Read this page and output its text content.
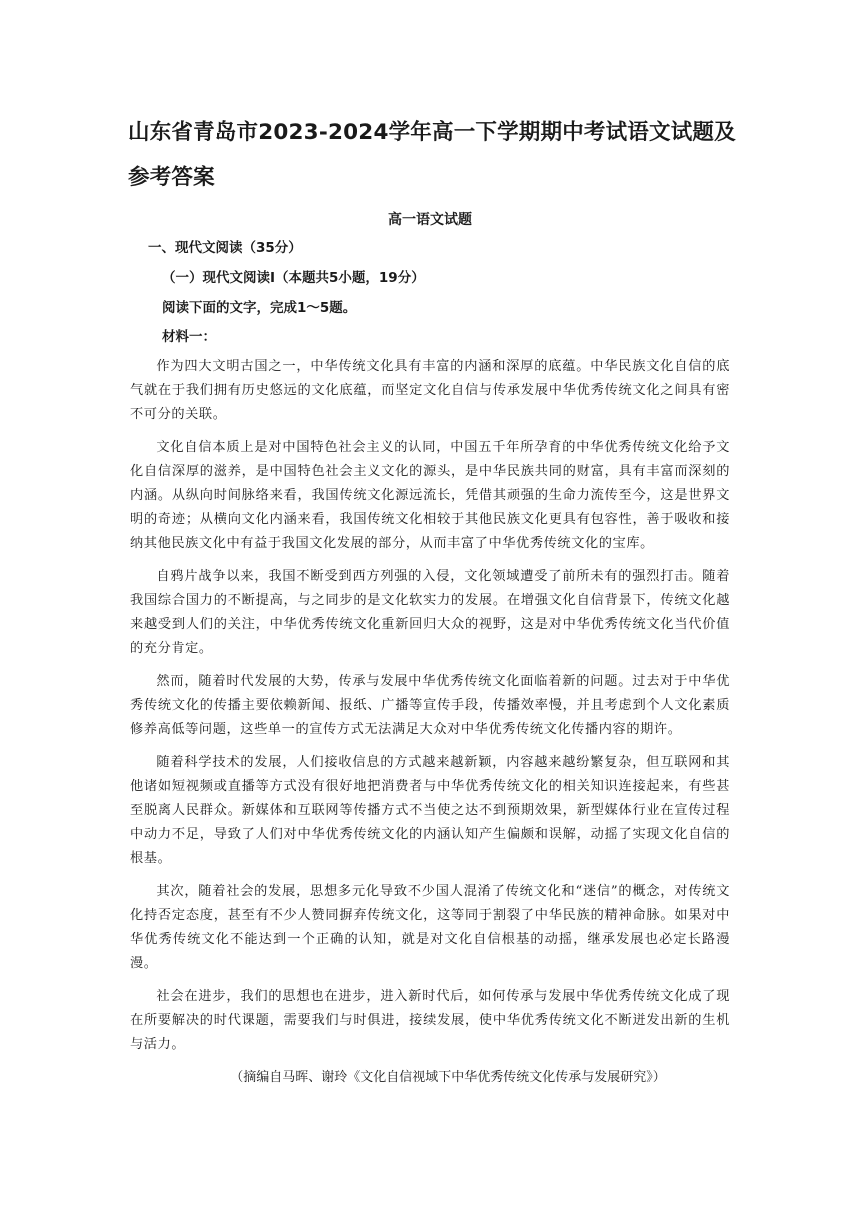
山东省青岛市2023-2024学年高一下学期期中考试语文试题及参考答案
高一语文试题
一、现代文阅读（35分）
（一）现代文阅读Ⅰ（本题共5小题，19分）
阅读下面的文字，完成1～5题。
材料一：

作为四大文明古国之一，中华传统文化具有丰富的内涵和深厚的底蕴。中华民族文化自信的底气就在于我们拥有历史悠远的文化底蕴，而坚定文化自信与传承发展中华优秀传统文化之间具有密不可分的关联。

文化自信本质上是对中国特色社会主义的认同，中国五千年所孕育的中华优秀传统文化给予文化自信深厚的滋养，是中国特色社会主义文化的源头，是中华民族共同的财富，具有丰富而深刻的内涵。从纵向时间脉络来看，我国传统文化源远流长，凭借其顽强的生命力流传至今，这是世界文明的奇迹；从横向文化内涵来看，我国传统文化相较于其他民族文化更具有包容性，善于吸收和接纳其他民族文化中有益于我国文化发展的部分，从而丰富了中华优秀传统文化的宝库。

自鸦片战争以来，我国不断受到西方列强的入侵，文化领域遭受了前所未有的强烈打击。随着我国综合国力的不断提高，与之同步的是文化软实力的发展。在增强文化自信背景下，传统文化越来越受到人们的关注，中华优秀传统文化重新回归大众的视野，这是对中华优秀传统文化当代价值的充分肯定。

然而，随着时代发展的大势，传承与发展中华优秀传统文化面临着新的问题。过去对于中华优秀传统文化的传播主要依赖新闻、报纸、广播等宣传手段，传播效率慢，并且考虑到个人文化素质修养高低等问题，这些单一的宣传方式无法满足大众对中华优秀传统文化传播内容的期许。

随着科学技术的发展，人们接收信息的方式越来越新颖，内容越来越纷繁复杂，但互联网和其他诸如短视频或直播等方式没有很好地把消费者与中华优秀传统文化的相关知识连接起来，有些甚至脱离人民群众。新媒体和互联网等传播方式不当使之达不到预期效果，新型媒体行业在宣传过程中动力不足，导致了人们对中华优秀传统文化的内涵认知产生偏颇和误解，动摇了实现文化自信的根基。

其次，随着社会的发展，思想多元化导致不少国人混淆了传统文化和“迷信”的概念，对传统文化持否定态度，甚至有不少人赞同摒弃传统文化，这等同于割裂了中华民族的精神命脉。如果对中华优秀传统文化不能达到一个正确的认知，就是对文化自信根基的动摇，继承发展也必定长路漫漫。

社会在进步，我们的思想也在进步，进入新时代后，如何传承与发展中华优秀传统文化成了现在所要解决的时代课题，需要我们与时俱进，接续发展，使中华优秀传统文化不断迸发出新的生机与活力。

（摘编自马晖、谢玲《文化自信视域下中华优秀传统文化传承与发展研究》）
